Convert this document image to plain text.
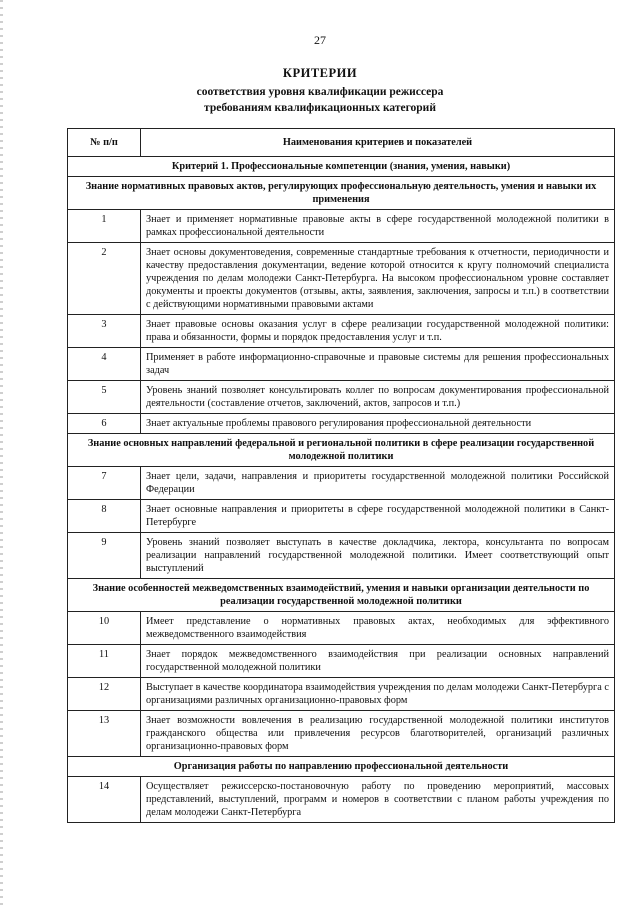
27
КРИТЕРИИ
соответствия уровня квалификации режиссера
требованиям квалификационных категорий
№ п/п	Наименования критериев и показателей
Критерий 1. Профессиональные компетенции (знания, умения, навыки)	
Знание нормативных правовых актов, регулирующих профессиональную деятельность, умения и навыки их применения	
1	Знает и применяет нормативные правовые акты в сфере государственной молодежной политики в рамках профессиональной деятельности
2	Знает основы документоведения, современные стандартные требования к отчетности, периодичности и качеству предоставления документации, ведение которой относится к кругу полномочий специалиста учреждения по делам молодежи Санкт-Петербурга. На высоком профессиональном уровне составляет документы и проекты документов (отзывы, акты, заявления, заключения, запросы и т.п.) в соответствии с действующими нормативными правовыми актами
3	Знает правовые основы оказания услуг в сфере реализации государственной молодежной политики: права и обязанности, формы и порядок предоставления услуг и т.п.
4	Применяет в работе информационно-справочные и правовые системы для решения профессиональных задач
5	Уровень знаний позволяет консультировать коллег по вопросам документирования профессиональной деятельности (составление отчетов, заключений, актов, запросов и т.п.)
6	Знает актуальные проблемы правового регулирования профессиональной деятельности
Знание основных направлений федеральной и региональной политики в сфере реализации государственной молодежной политики	
7	Знает цели, задачи, направления и приоритеты государственной молодежной политики Российской Федерации
8	Знает основные направления и приоритеты в сфере государственной молодежной политики в Санкт-Петербурге
9	Уровень знаний позволяет выступать в качестве докладчика, лектора, консультанта по вопросам реализации направлений государственной молодежной политики. Имеет соответствующий опыт выступлений
Знание особенностей межведомственных взаимодействий, умения и навыки организации деятельности по реализации государственной молодежной политики	
10	Имеет представление о нормативных правовых актах, необходимых для эффективного межведомственного взаимодействия
11	Знает порядок межведомственного взаимодействия при реализации основных направлений государственной молодежной политики
12	Выступает в качестве координатора взаимодействия учреждения по делам молодежи Санкт-Петербурга с организациями различных организационно-правовых форм
13	Знает возможности вовлечения в реализацию государственной молодежной политики институтов гражданского общества или привлечения ресурсов благотворителей, организаций различных организационно-правовых форм
Организация работы по направлению профессиональной деятельности	
14	Осуществляет режиссерско-постановочную работу по проведению мероприятий, массовых представлений, выступлений, программ и номеров в соответствии с планом работы учреждения по делам молодежи Санкт-Петербурга
